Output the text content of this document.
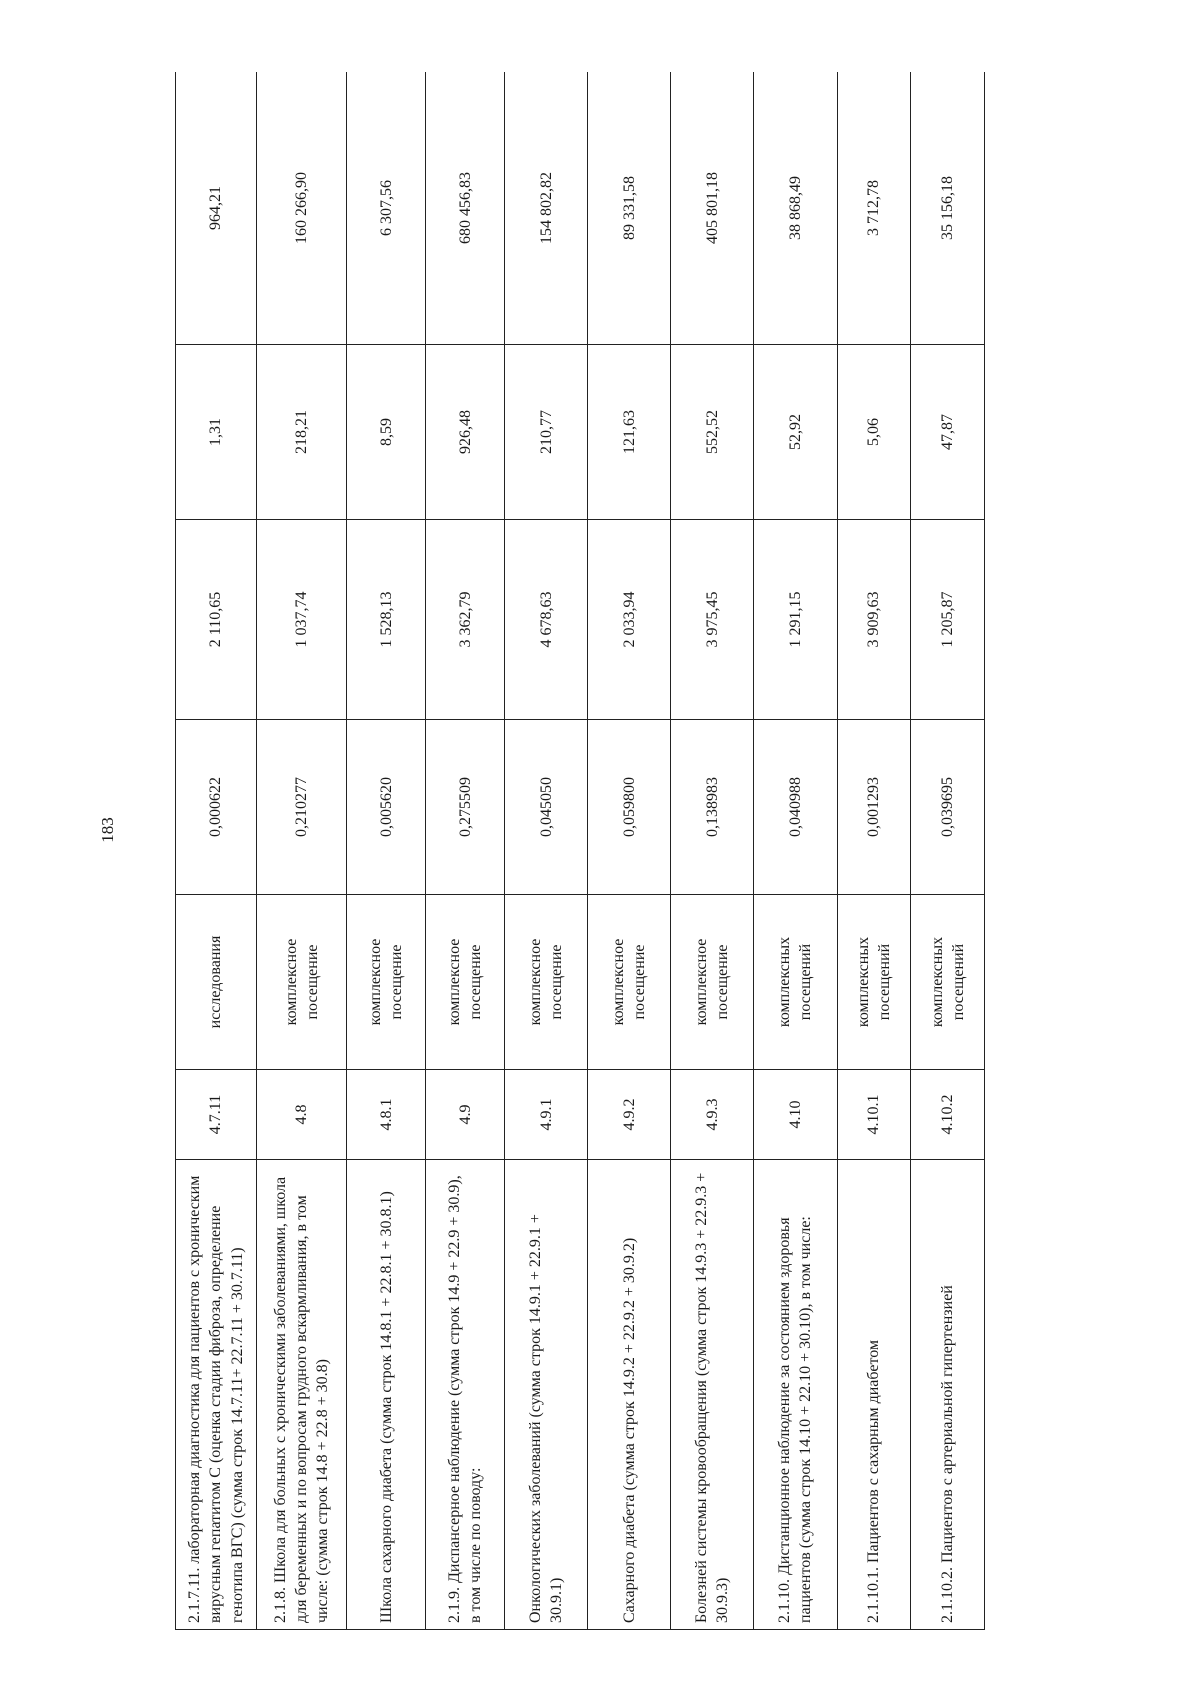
183
2.1.7.11. лабораторная диагностика для пациентов с хроническим вирусным гепатитом С (оценка стадии фиброза, определение генотипа ВГС) (сумма строк 14.7.11+ 22.7.11 + 30.7.11)	4.7.11	исследования	0,000622	2 110,65	1,31	964,21
2.1.8. Школа для больных с хроническими заболеваниями, школа для беременных и по вопросам грудного вскармливания, в том числе: (сумма строк 14.8 + 22.8 + 30.8)	4.8	комплексное посещение	0,210277	1 037,74	218,21	160 266,90
Школа сахарного диабета (сумма строк 14.8.1 + 22.8.1 + 30.8.1)	4.8.1	комплексное посещение	0,005620	1 528,13	8,59	6 307,56
2.1.9. Диспансерное наблюдение (сумма строк 14.9 + 22.9 + 30.9), в том числе по поводу:	4.9	комплексное посещение	0,275509	3 362,79	926,48	680 456,83
Онкологических заболеваний (сумма строк 14.9.1 + 22.9.1 + 30.9.1)	4.9.1	комплексное посещение	0,045050	4 678,63	210,77	154 802,82
Сахарного диабета (сумма строк 14.9.2 + 22.9.2 + 30.9.2)	4.9.2	комплексное посещение	0,059800	2 033,94	121,63	89 331,58
Болезней системы кровообращения (сумма строк 14.9.3 + 22.9.3 + 30.9.3)	4.9.3	комплексное посещение	0,138983	3 975,45	552,52	405 801,18
2.1.10. Дистанционное наблюдение за состоянием здоровья пациентов (сумма строк 14.10 + 22.10 + 30.10), в том числе:	4.10	комплексных посещений	0,040988	1 291,15	52,92	38 868,49
2.1.10.1. Пациентов с сахарным диабетом	4.10.1	комплексных посещений	0,001293	3 909,63	5,06	3 712,78
2.1.10.2. Пациентов с артериальной гипертензией	4.10.2	комплексных посещений	0,039695	1 205,87	47,87	35 156,18
